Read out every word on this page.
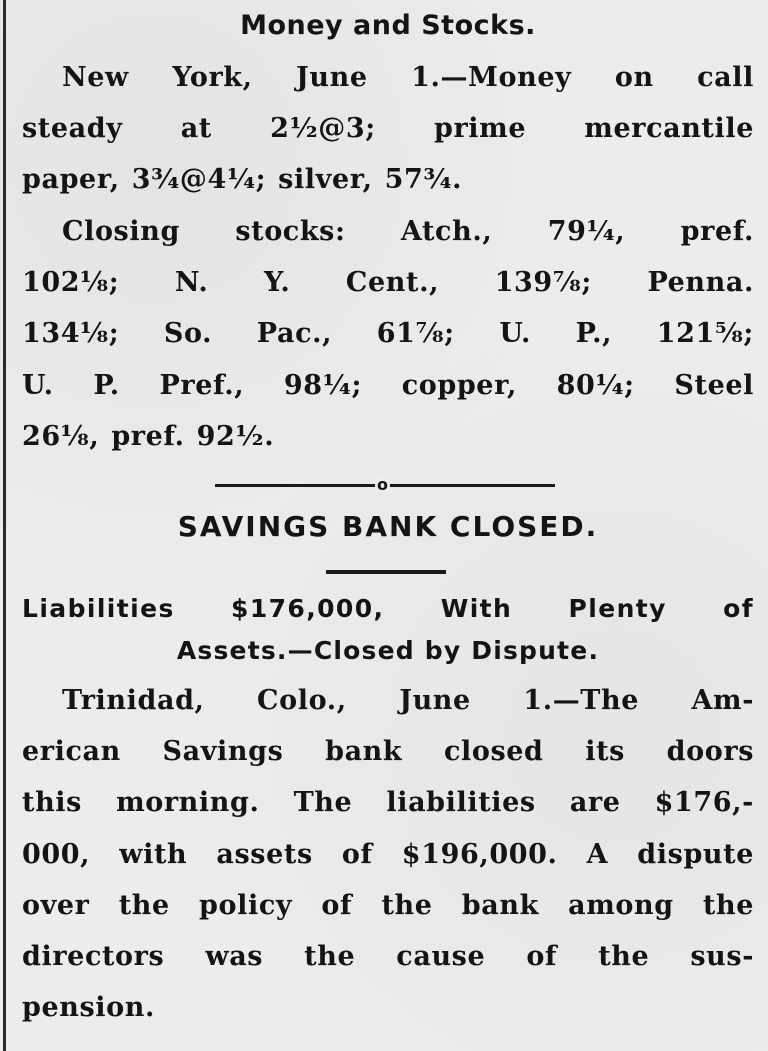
Money and Stocks.
New York, June 1.—Money on call
steady at 2½@3; prime mercantile
paper, 3¾@4¼; silver, 57¾.
Closing stocks: Atch., 79¼, pref.
102⅛; N. Y. Cent., 139⅞; Penna.
134⅛; So. Pac., 61⅞; U. P., 121⅝;
U. P. Pref., 98¼; copper, 80¼; Steel
26⅛, pref. 92½.
o
SAVINGS BANK CLOSED.
Liabilities $176,000, With Plenty of
Assets.—Closed by Dispute.
Trinidad, Colo., June 1.—The Am-
erican Savings bank closed its doors
this morning. The liabilities are $176,-
000, with assets of $196,000. A dispute
over the policy of the bank among the
directors was the cause of the sus-
pension.
